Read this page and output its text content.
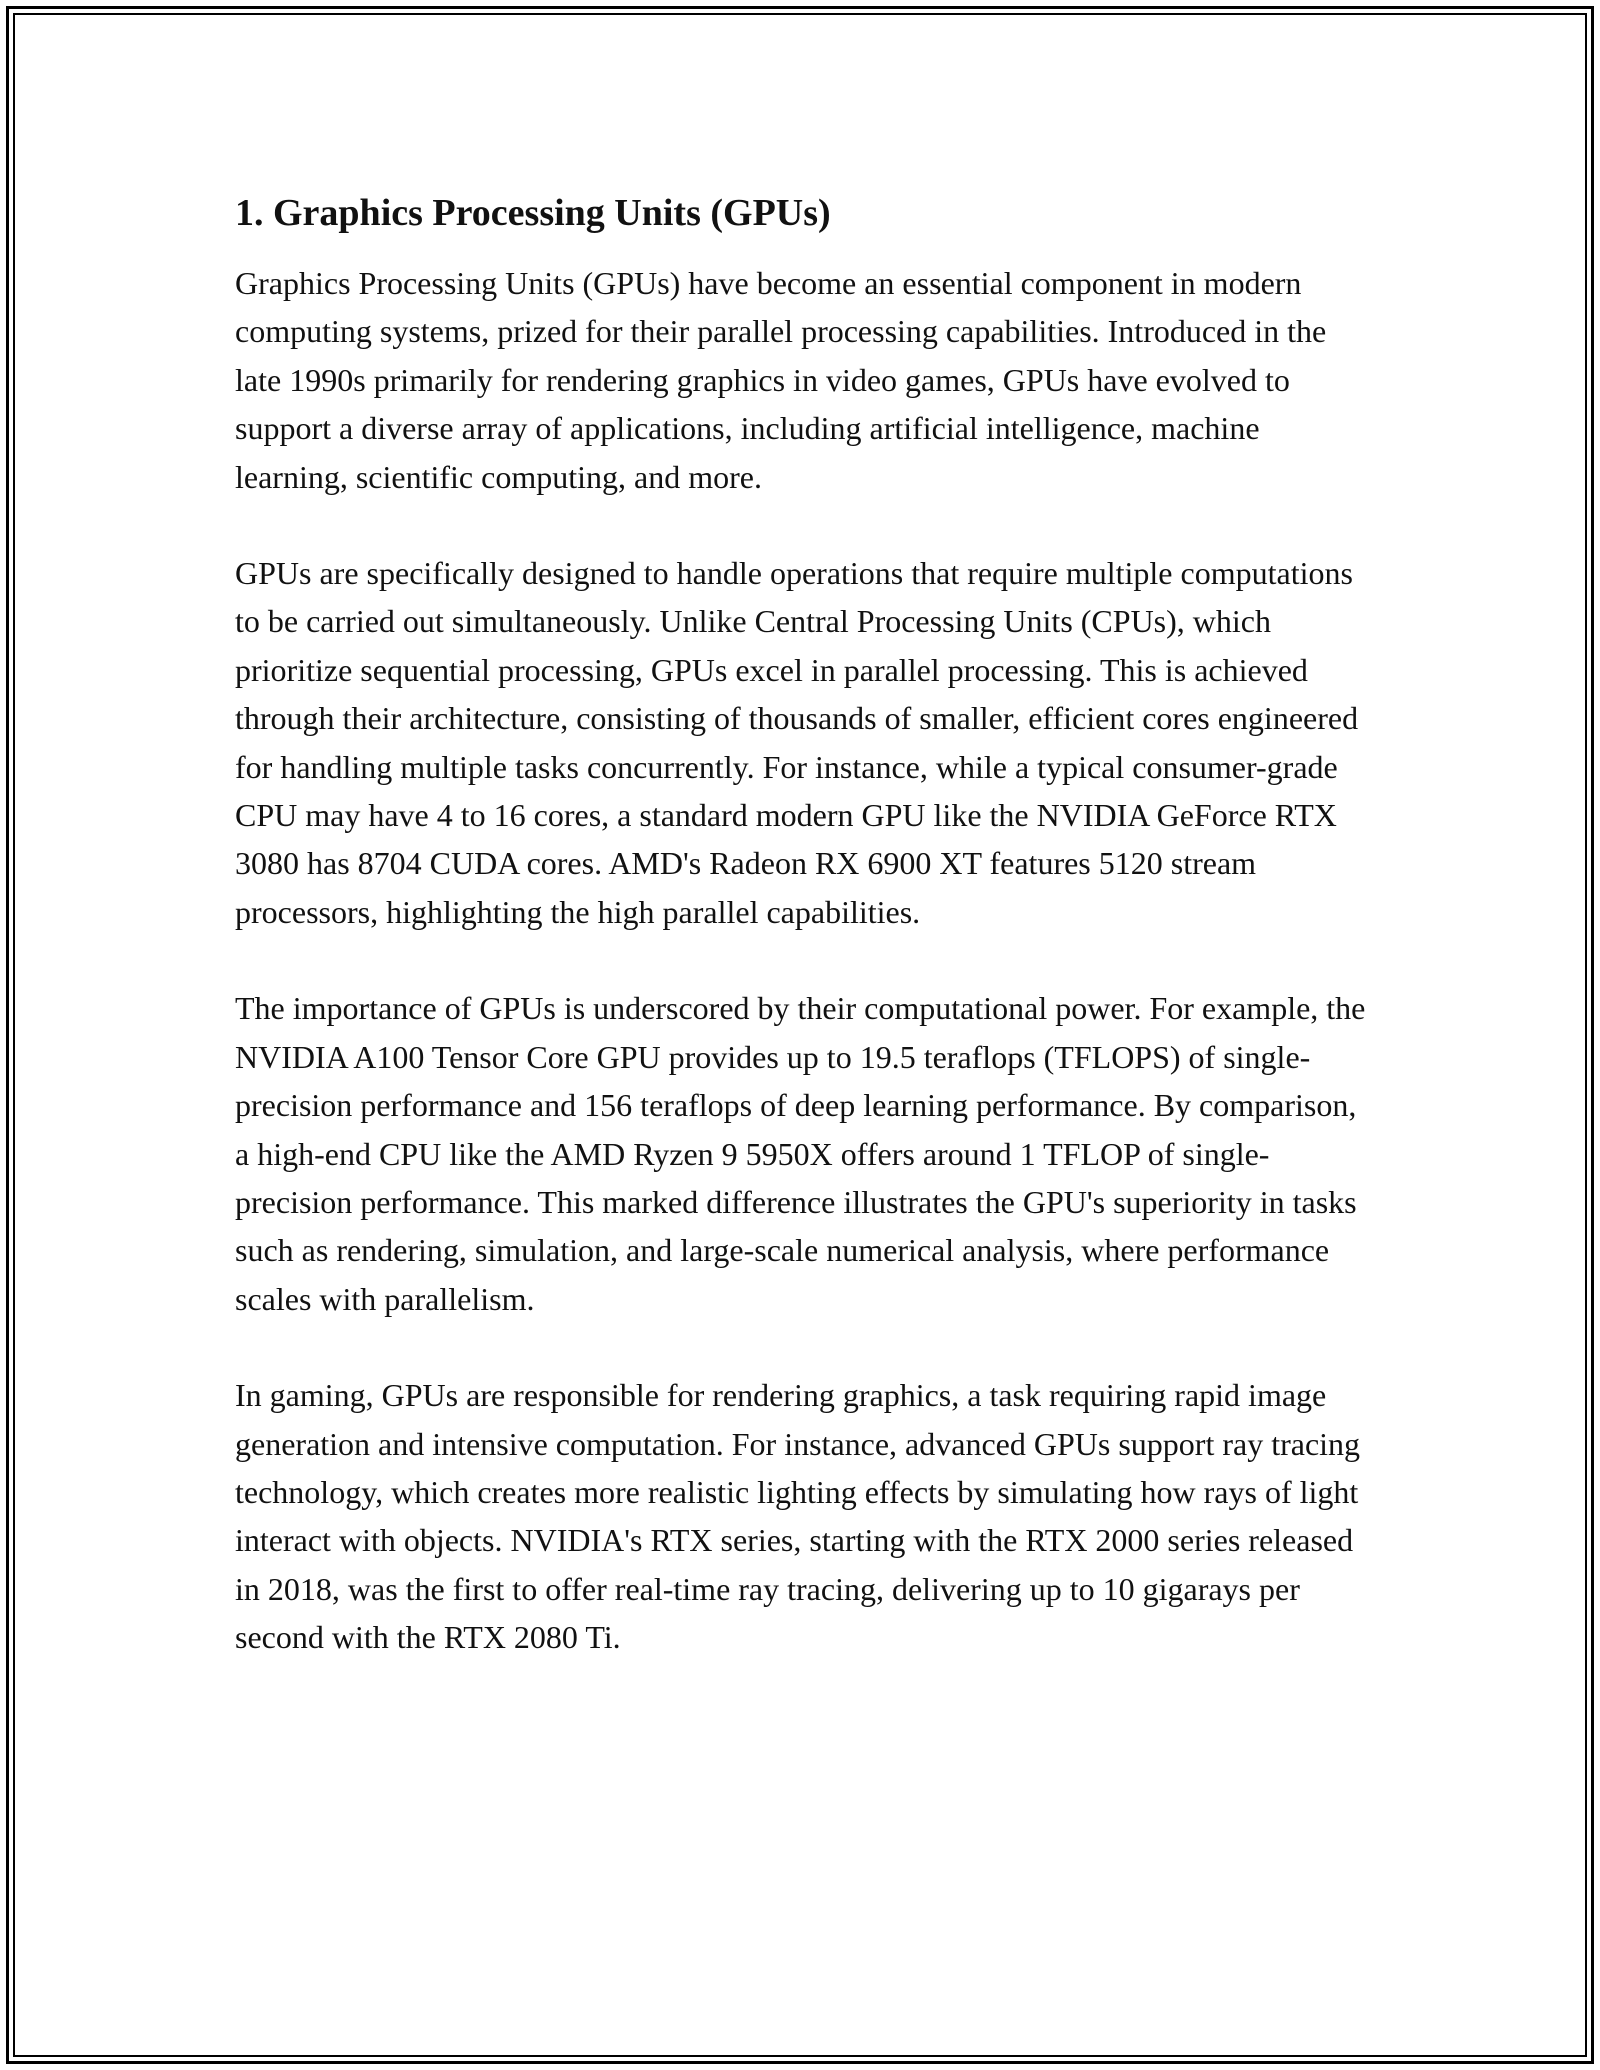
1. Graphics Processing Units (GPUs)

Graphics Processing Units (GPUs) have become an essential component in modern computing systems, prized for their parallel processing capabilities. Introduced in the late 1990s primarily for rendering graphics in video games, GPUs have evolved to support a diverse array of applications, including artificial intelligence, machine learning, scientific computing, and more.

GPUs are specifically designed to handle operations that require multiple computations to be carried out simultaneously. Unlike Central Processing Units (CPUs), which prioritize sequential processing, GPUs excel in parallel processing. This is achieved through their architecture, consisting of thousands of smaller, efficient cores engineered for handling multiple tasks concurrently. For instance, while a typical consumer-grade CPU may have 4 to 16 cores, a standard modern GPU like the NVIDIA GeForce RTX 3080 has 8704 CUDA cores. AMD's Radeon RX 6900 XT features 5120 stream processors, highlighting the high parallel capabilities.

The importance of GPUs is underscored by their computational power. For example, the NVIDIA A100 Tensor Core GPU provides up to 19.5 teraflops (TFLOPS) of single-precision performance and 156 teraflops of deep learning performance. By comparison, a high-end CPU like the AMD Ryzen 9 5950X offers around 1 TFLOP of single-precision performance. This marked difference illustrates the GPU's superiority in tasks such as rendering, simulation, and large-scale numerical analysis, where performance scales with parallelism.

In gaming, GPUs are responsible for rendering graphics, a task requiring rapid image generation and intensive computation. For instance, advanced GPUs support ray tracing technology, which creates more realistic lighting effects by simulating how rays of light interact with objects. NVIDIA's RTX series, starting with the RTX 2000 series released in 2018, was the first to offer real-time ray tracing, delivering up to 10 gigarays per second with the RTX 2080 Ti.
